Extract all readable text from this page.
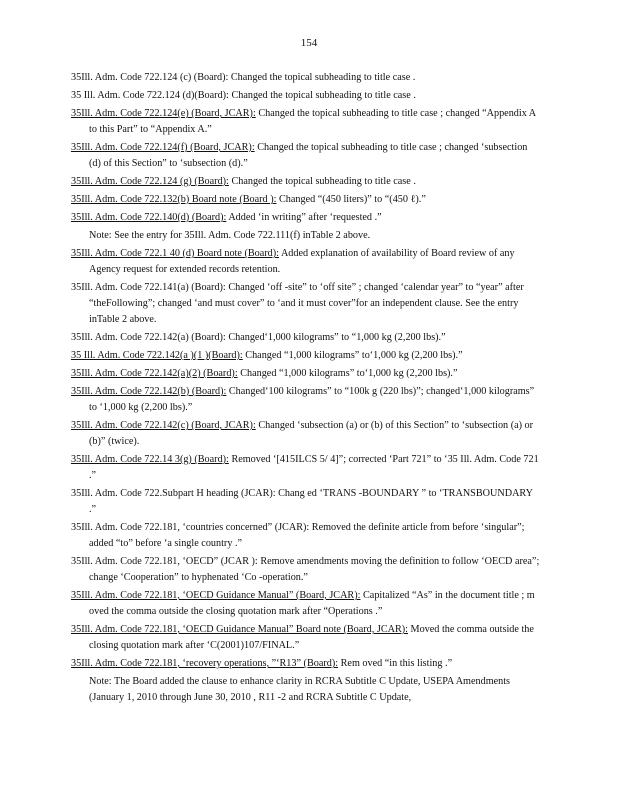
154
35Ill. Adm. Code 722.124 (c) (Board): Changed the topical subheading to title case .
35 Ill. Adm. Code 722.124 (d)(Board): Changed the topical subheading to title case .
35Ill. Adm. Code 722.124(e) (Board, JCAR): Changed the topical subheading to title case ; changed “Appendix A to this Part” to “Appendix A.”
35Ill. Adm. Code 722.124(f) (Board, JCAR): Changed the topical subheading to title case ; changed ‘subsection (d) of this Section” to ‘subsection (d).”
35Ill. Adm. Code 722.124 (g) (Board): Changed the topical subheading to title case .
35Ill. Adm. Code 722.132(b) Board note (Board ): Changed “(450 liters)” to “(450 ℓ).”
35Ill. Adm. Code 722.140(d) (Board): Added ‘in writing” after ‘requested .”
Note: See the entry for 35Ill. Adm. Code 722.111(f) inTable 2 above.
35Ill. Adm. Code 722.1 40 (d) Board note (Board): Added explanation of availability of Board review of any Agency request for extended records retention.
35Ill. Adm. Code 722.141(a) (Board): Changed ‘off -site” to ‘off site” ; changed ‘calendar year” to “year” after “theFollowing”; changed ‘and must cover” to ‘and it must cover”for an independent clause. See the entry inTable 2 above.
35Ill. Adm. Code 722.142(a) (Board): Changed‘1,000 kilograms” to “1,000 kg (2,200 lbs).”
35 Ill. Adm. Code 722.142(a )(1 )(Board): Changed “1,000 kilograms” to‘1,000 kg (2,200 lbs).”
35Ill. Adm. Code 722.142(a)(2) (Board): Changed “1,000 kilograms” to‘1,000 kg (2,200 lbs).”
35Ill. Adm. Code 722.142(b) (Board): Changed‘100 kilograms” to “100k g (220 lbs)”; changed‘1,000 kilograms” to ‘1,000 kg (2,200 lbs).”
35Ill. Adm. Code 722.142(c) (Board, JCAR): Changed ‘subsection (a) or (b) of this Section” to ‘subsection (a) or (b)” (twice).
35Ill. Adm. Code 722.14 3(g) (Board): Removed ‘[415ILCS 5/ 4]”; corrected ‘Part 721” to ‘35 Ill. Adm. Code 721 .”
35Ill. Adm. Code 722.Subpart H heading (JCAR): Chang ed ‘TRANS -BOUNDARY ” to ‘TRANSBOUNDARY .”
35Ill. Adm. Code 722.181, ‘countries concerned” (JCAR): Removed the definite article from before ‘singular”; added “to” before ‘a single country .”
35Ill. Adm. Code 722.181, ‘OECD” (JCAR ): Remove amendments moving the definition to follow ‘OECD area”; change ‘Cooperation” to hyphenated ‘Co -operation.”
35Ill. Adm. Code 722.181, ‘OECD Guidance Manual” (Board, JCAR): Capitalized “As” in the document title ; m oved the comma outside the closing quotation mark after “Operations .”
35Ill. Adm. Code 722.181, ‘OECD Guidance Manual” Board note (Board, JCAR): Moved the comma outside the closing quotation mark after ‘C(2001)107/FINAL.”
35Ill. Adm. Code 722.181, ‘recovery operations, ”‘R13” (Board): Rem oved “in this listing .”
Note: The Board added the clause to enhance clarity in RCRA Subtitle C Update, USEPA Amendments (January 1, 2010 through June 30, 2010 , R11 -2 and RCRA Subtitle C Update,
